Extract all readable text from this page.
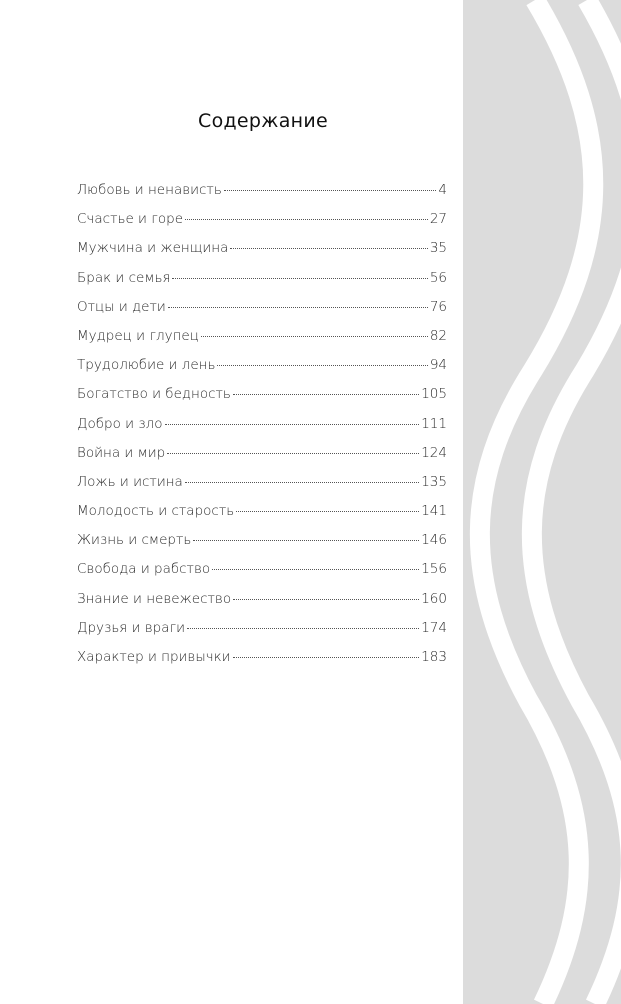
Содержание
Любовь и ненависть	4
Счастье и горе	27
Мужчина и женщина	35
Брак и семья	56
Отцы и дети	76
Мудрец и глупец	82
Трудолюбие и лень	94
Богатство и бедность	105
Добро и зло	111
Война и мир	124
Ложь и истина	135
Молодость и старость	141
Жизнь и смерть	146
Свобода и рабство	156
Знание и невежество	160
Друзья и враги	174
Характер и привычки	183
